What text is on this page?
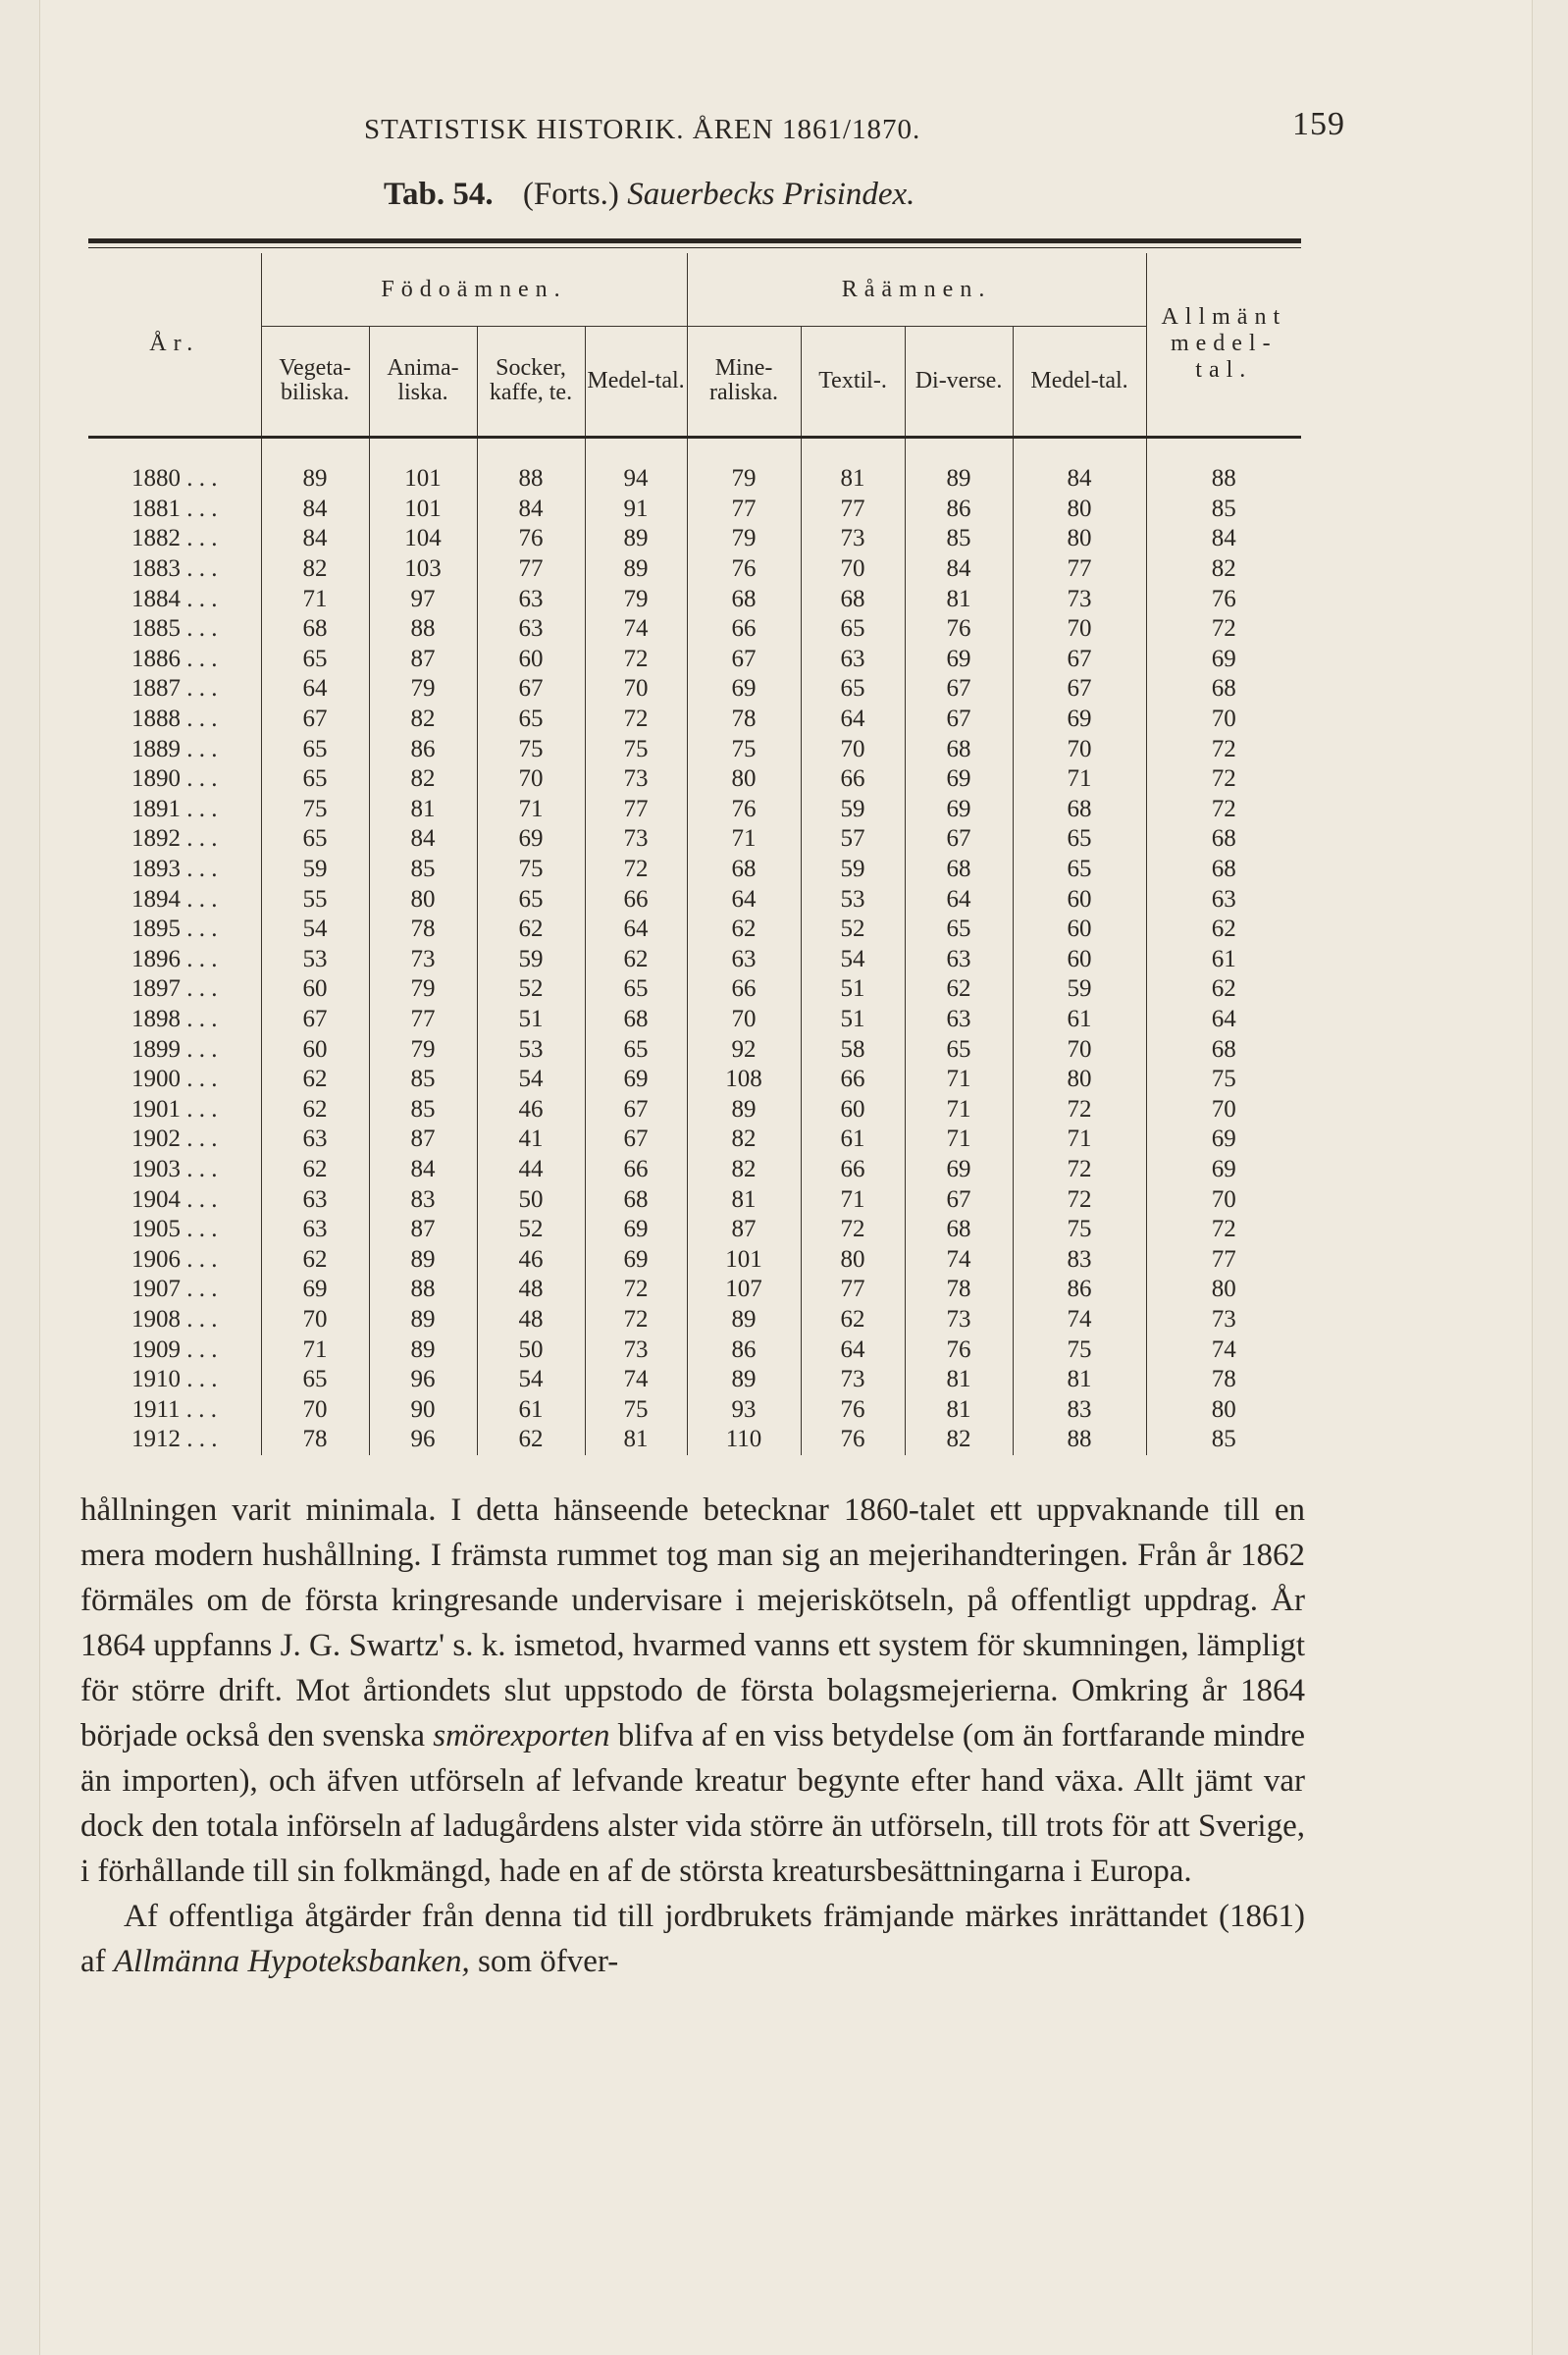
STATISTISK HISTORIK. ÅREN 1861/1870.	159
Tab. 54. (Forts.) Sauerbecks Prisindex.
År.	Födoämnen.				Råämnen.				Allmänt medel-tal.
	Vegeta-biliska.	Anima-liska.	Socker, kaffe, te.	Medel-tal.	Mine-raliska.	Textil-.	Di-verse.	Medel-tal.	

1880 . . .	89	101	88	94	79	81	89	84	88
1881 . . .	84	101	84	91	77	77	86	80	85
1882 . . .	84	104	76	89	79	73	85	80	84
1883 . . .	82	103	77	89	76	70	84	77	82
1884 . . .	71	97	63	79	68	68	81	73	76
1885 . . .	68	88	63	74	66	65	76	70	72
1886 . . .	65	87	60	72	67	63	69	67	69
1887 . . .	64	79	67	70	69	65	67	67	68
1888 . . .	67	82	65	72	78	64	67	69	70
1889 . . .	65	86	75	75	75	70	68	70	72
1890 . . .	65	82	70	73	80	66	69	71	72
1891 . . .	75	81	71	77	76	59	69	68	72
1892 . . .	65	84	69	73	71	57	67	65	68
1893 . . .	59	85	75	72	68	59	68	65	68
1894 . . .	55	80	65	66	64	53	64	60	63
1895 . . .	54	78	62	64	62	52	65	60	62
1896 . . .	53	73	59	62	63	54	63	60	61
1897 . . .	60	79	52	65	66	51	62	59	62
1898 . . .	67	77	51	68	70	51	63	61	64
1899 . . .	60	79	53	65	92	58	65	70	68
1900 . . .	62	85	54	69	108	66	71	80	75
1901 . . .	62	85	46	67	89	60	71	72	70
1902 . . .	63	87	41	67	82	61	71	71	69
1903 . . .	62	84	44	66	82	66	69	72	69
1904 . . .	63	83	50	68	81	71	67	72	70
1905 . . .	63	87	52	69	87	72	68	75	72
1906 . . .	62	89	46	69	101	80	74	83	77
1907 . . .	69	88	48	72	107	77	78	86	80
1908 . . .	70	89	48	72	89	62	73	74	73
1909 . . .	71	89	50	73	86	64	76	75	74
1910 . . .	65	96	54	74	89	73	81	81	78
1911 . . .	70	90	61	75	93	76	81	83	80
1912 . . .	78	96	62	81	110	76	82	88	85

hållningen varit minimala. I detta hänseende betecknar 1860-talet ett uppvaknande till en mera modern hushållning. I främsta rummet tog man sig an mejerihandteringen. Från år 1862 förmäles om de första kringresande undervisare i mejeriskötseln, på offentligt uppdrag. År 1864 uppfanns J. G. Swartz' s. k. ismetod, hvarmed vanns ett system för skumningen, lämpligt för större drift. Mot årtiondets slut uppstodo de första bolagsmejerierna. Omkring år 1864 började också den svenska smörexporten blifva af en viss betydelse (om än fortfarande mindre än importen), och äfven utförseln af lefvande kreatur begynte efter hand växa. Allt jämt var dock den totala införseln af ladugårdens alster vida större än utförseln, till trots för att Sverige, i förhållande till sin folkmängd, hade en af de största kreatursbesättningarna i Europa.

Af offentliga åtgärder från denna tid till jordbrukets främjande märkes inrättandet (1861) af Allmänna Hypoteksbanken, som öfver-
